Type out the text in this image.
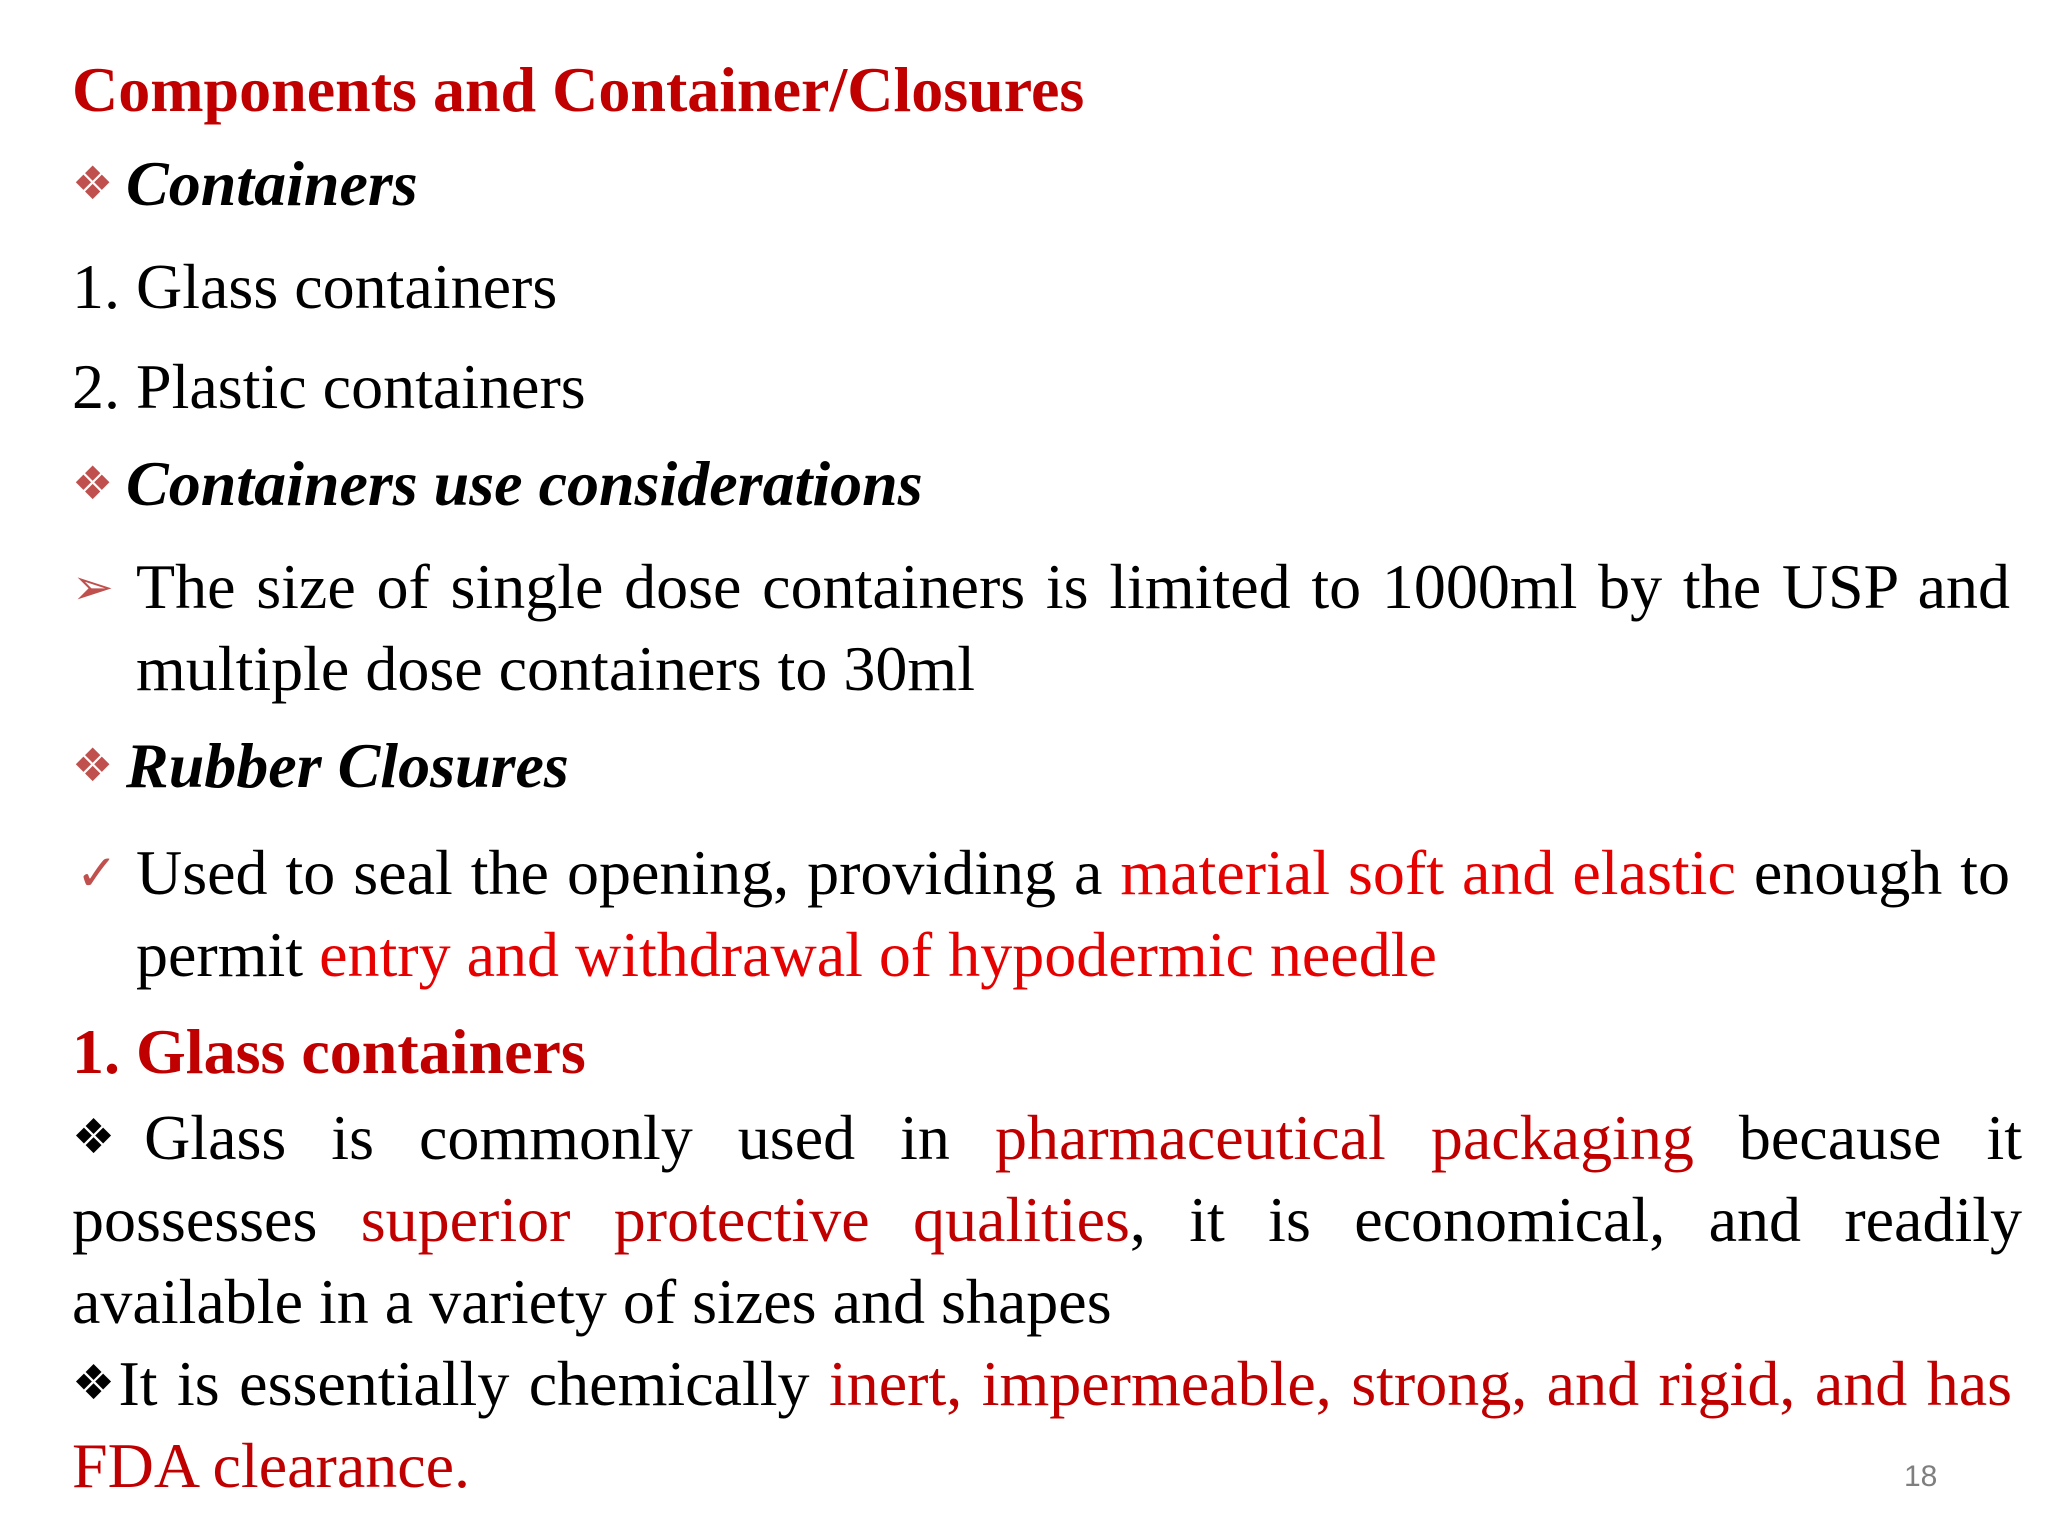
Components and Container/Closures
❖ Containers
1. Glass containers
2. Plastic containers
❖ Containers use considerations
➢ The size of single dose containers is limited to 1000ml by the USP and multiple dose containers to 30ml
❖ Rubber Closures
✓ Used to seal the opening, providing a material soft and elastic enough to permit entry and withdrawal of hypodermic needle
1. Glass containers
❖Glass is commonly used in pharmaceutical packaging because it possesses superior protective qualities, it is economical, and readily available in a variety of sizes and shapes
❖It is essentially chemically inert, impermeable, strong, and rigid, and has FDA clearance.	18
